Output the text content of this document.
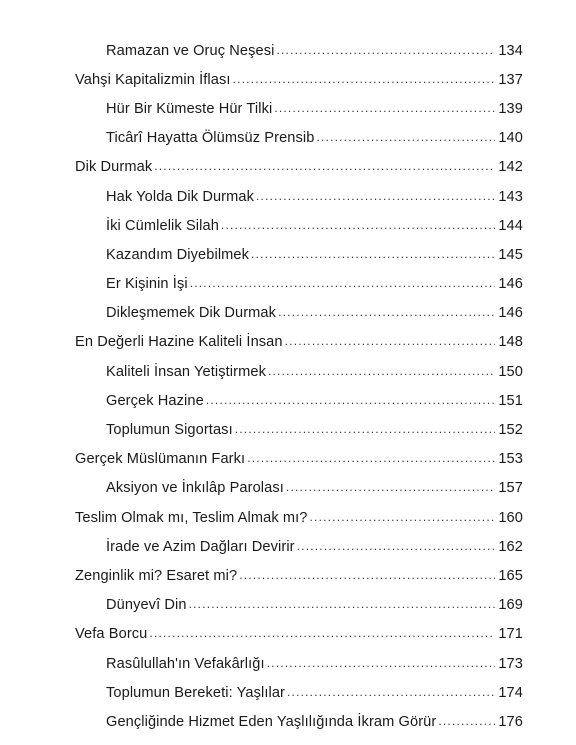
Ramazan ve Oruç Neşesi .....	134
Vahşi Kapitalizmin İflası .....	137
Hür Bir Kümeste Hür Tilki .....	139
Ticârî Hayatta Ölümsüz Prensib .....	140
Dik Durmak .....	142
Hak Yolda Dik Durmak .....	143
İki Cümlelik Silah .....	144
Kazandım Diyebilmek .....	145
Er Kişinin İşi .....	146
Dikleşmemek Dik Durmak .....	146
En Değerli Hazine Kaliteli İnsan .....	148
Kaliteli İnsan Yetiştirmek .....	150
Gerçek Hazine .....	151
Toplumun Sigortası .....	152
Gerçek Müslümanın Farkı .....	153
Aksiyon ve İnkılâp Parolası .....	157
Teslim Olmak mı, Teslim Almak mı? .....	160
İrade ve Azim Dağları Devirir .....	162
Zenginlik mi? Esaret mi? .....	165
Dünyevî Din .....	169
Vefa Borcu .....	171
Rasûlullah'ın Vefakârlığı .....	173
Toplumun Bereketi: Yaşlılar .....	174
Gençliğinde Hizmet Eden Yaşlılığında İkram Görür .....	176
